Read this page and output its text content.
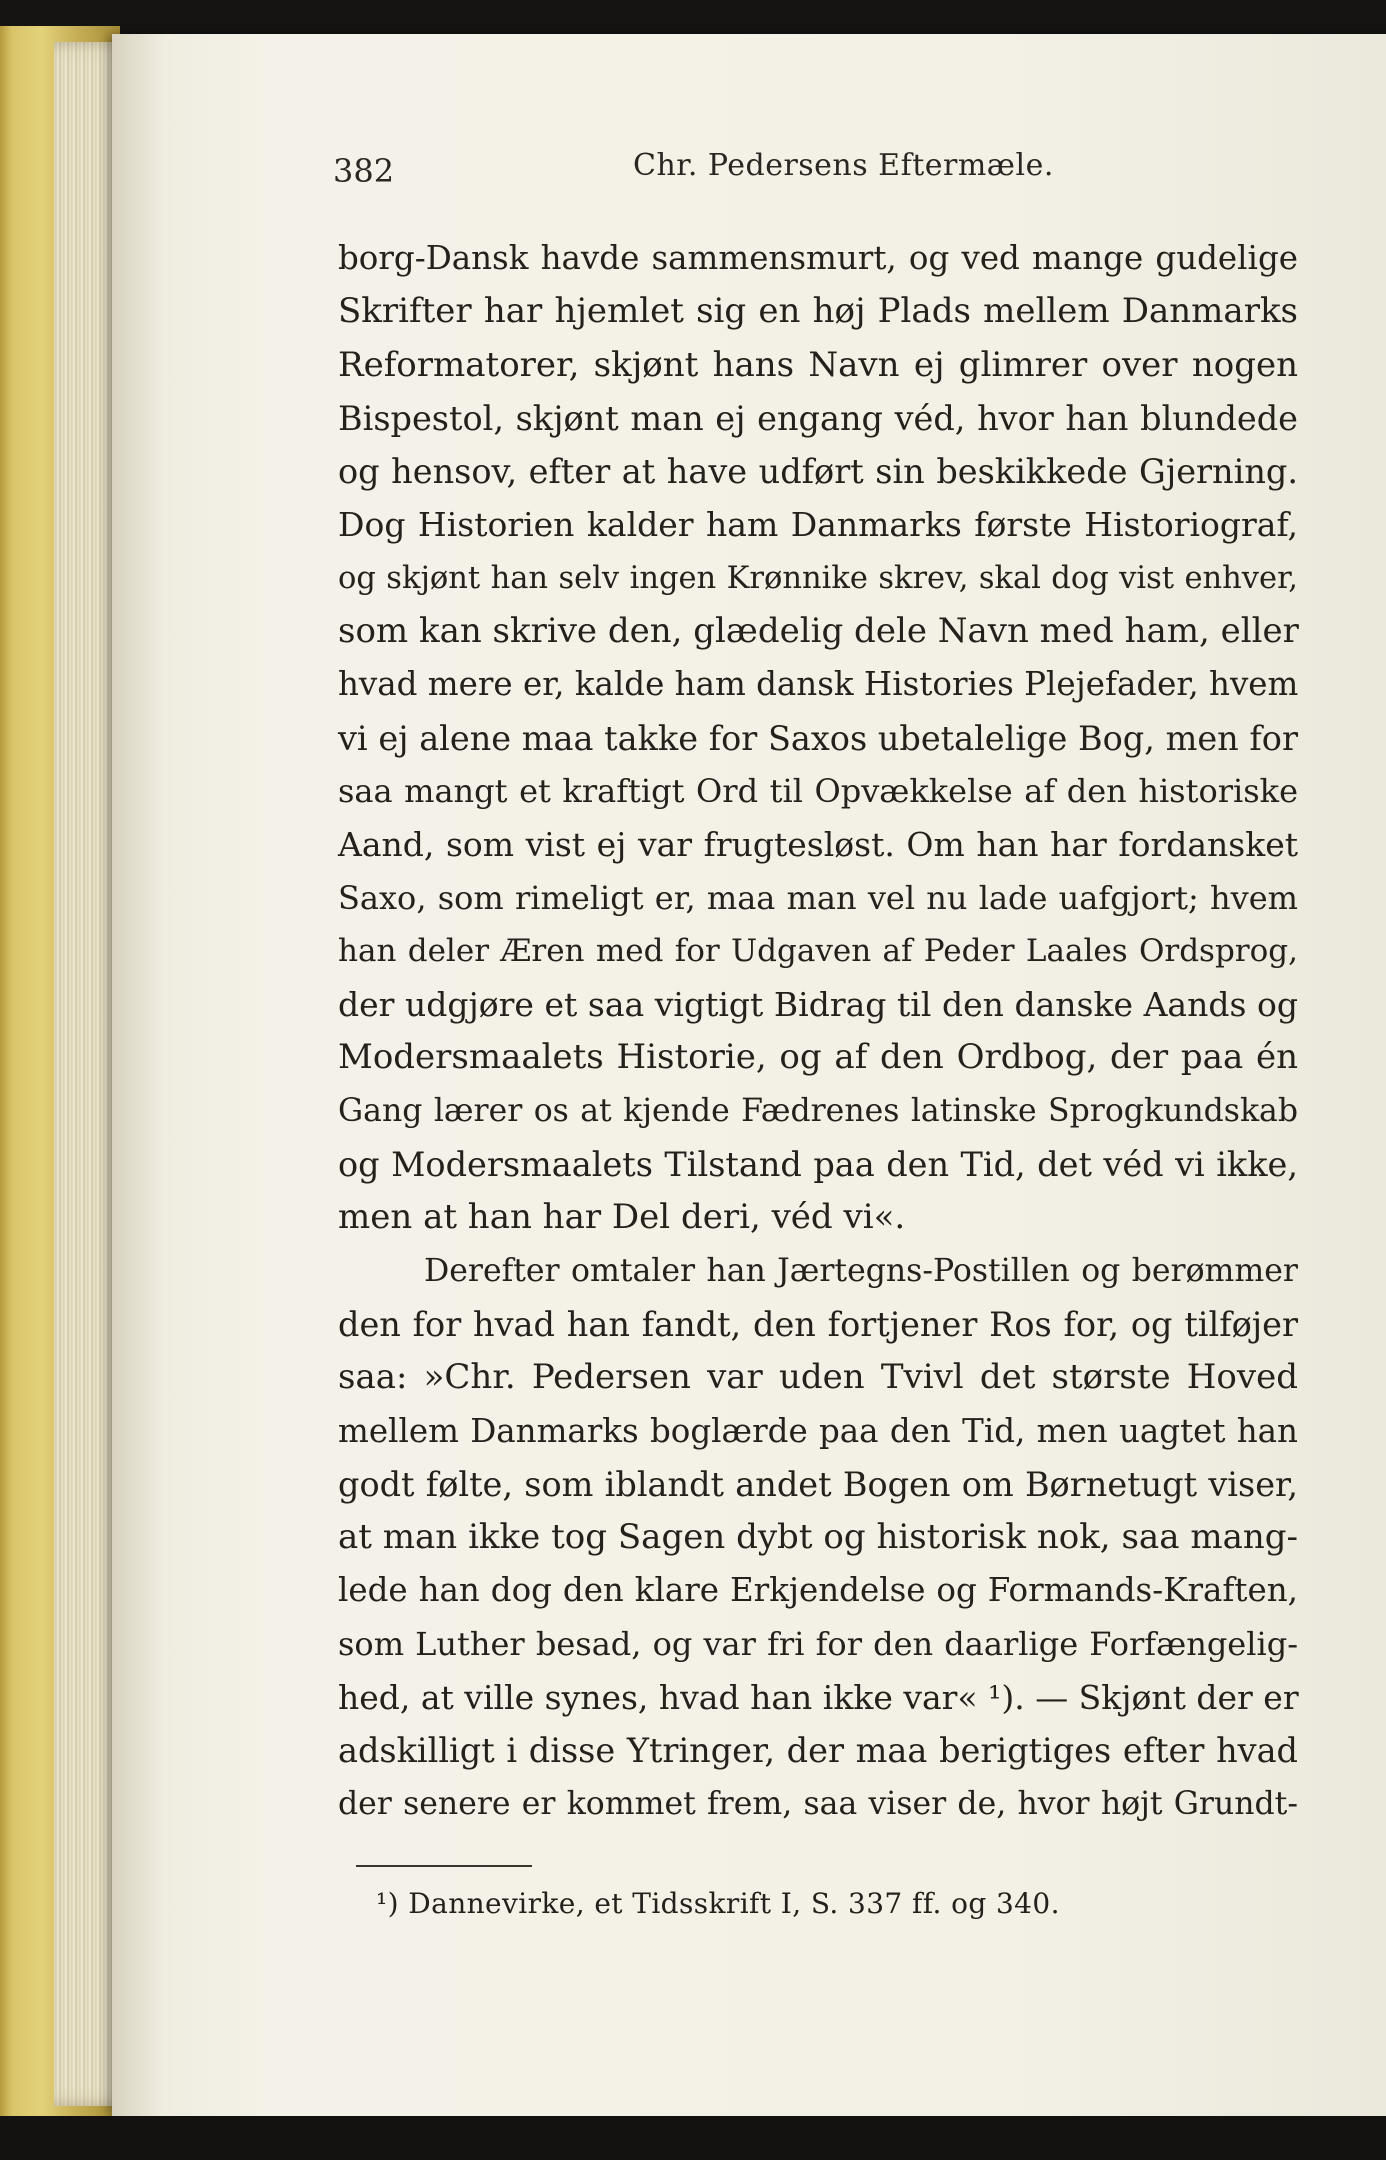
382	Chr. Pedersens Eftermæle.
borg-Dansk havde sammensmurt, og ved mange gudelige
Skrifter har hjemlet sig en høj Plads mellem Danmarks
Reformatorer, skjønt hans Navn ej glimrer over nogen
Bispestol, skjønt man ej engang véd, hvor han blundede
og hensov, efter at have udført sin beskikkede Gjerning.
Dog Historien kalder ham Danmarks første Historiograf,
og skjønt han selv ingen Krønnike skrev, skal dog vist enhver,
som kan skrive den, glædelig dele Navn med ham, eller
hvad mere er, kalde ham dansk Histories Plejefader, hvem
vi ej alene maa takke for Saxos ubetalelige Bog, men for
saa mangt et kraftigt Ord til Opvækkelse af den historiske
Aand, som vist ej var frugtesløst. Om han har fordansket
Saxo, som rimeligt er, maa man vel nu lade uafgjort; hvem
han deler Æren med for Udgaven af Peder Laales Ordsprog,
der udgjøre et saa vigtigt Bidrag til den danske Aands og
Modersmaalets Historie, og af den Ordbog, der paa én
Gang lærer os at kjende Fædrenes latinske Sprogkundskab
og Modersmaalets Tilstand paa den Tid, det véd vi ikke,
men at han har Del deri, véd vi«.
Derefter omtaler han Jærtegns-Postillen og berømmer
den for hvad han fandt, den fortjener Ros for, og tilføjer
saa: »Chr. Pedersen var uden Tvivl det største Hoved
mellem Danmarks boglærde paa den Tid, men uagtet han
godt følte, som iblandt andet Bogen om Børnetugt viser,
at man ikke tog Sagen dybt og historisk nok, saa mang-
lede han dog den klare Erkjendelse og Formands-Kraften,
som Luther besad, og var fri for den daarlige Forfængelig-
hed, at ville synes, hvad han ikke var« ¹). — Skjønt der er
adskilligt i disse Ytringer, der maa berigtiges efter hvad
der senere er kommet frem, saa viser de, hvor højt Grundt-
¹) Dannevirke, et Tidsskrift I, S. 337 ff. og 340.
